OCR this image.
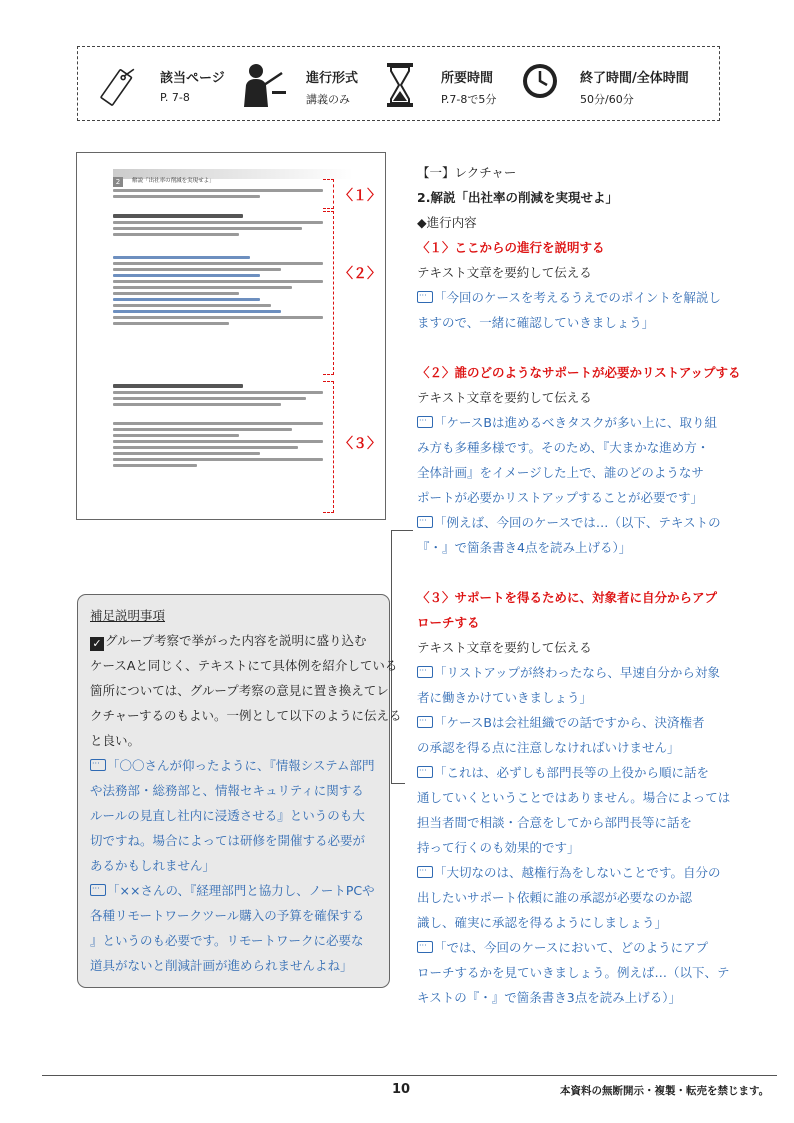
該当ページ
P. 7-8
進行形式
講義のみ
所要時間
P.7-8で5分
終了時間/全体時間
50分/60分
2 解説「出社率の削減を実現せよ」
〈１〉
〈２〉
〈３〉
補足説明事項
✓ グループ考察で挙がった内容を説明に盛り込む
ケースAと同じく、テキストにて具体例を紹介している
箇所については、グループ考察の意見に置き換えてレ
クチャーするのもよい。一例として以下のように伝える
と良い。
···「〇〇さんが仰ったように、『情報システム部門
や法務部・総務部と、情報セキュリティに関する
ルールの見直し社内に浸透させる』というのも大
切ですね。場合によっては研修を開催する必要が
あるかもしれません」
···「××さんの、『経理部門と協力し、ノートPCや
各種リモートワークツール購入の予算を確保する
』というのも必要です。リモートワークに必要な
道具がないと削減計画が進められませんよね」
【一】レクチャー
2.解説「出社率の削減を実現せよ」
◆進行内容
〈１〉ここからの進行を説明する
テキスト文章を要約して伝える
···「今回のケースを考えるうえでのポイントを解説し
ますので、一緒に確認していきましょう」
〈２〉誰のどのようなサポートが必要かリストアップする
テキスト文章を要約して伝える
···「ケースBは進めるべきタスクが多い上に、取り組
み方も多種多様です。そのため、『大まかな進め方・
全体計画』をイメージした上で、誰のどのようなサ
ポートが必要かリストアップすることが必要です」
···「例えば、今回のケースでは…（以下、テキストの
『・』で箇条書き4点を読み上げる）」
〈３〉サポートを得るために、対象者に自分からアプ
ローチする
テキスト文章を要約して伝える
···「リストアップが終わったなら、早速自分から対象
者に働きかけていきましょう」
···「ケースBは会社組織での話ですから、決済権者
の承認を得る点に注意しなければいけません」
···「これは、必ずしも部門長等の上役から順に話を
通していくということではありません。場合によっては
担当者間で相談・合意をしてから部門長等に話を
持って行くのも効果的です」
···「大切なのは、越権行為をしないことです。自分の
出したいサポート依頼に誰の承認が必要なのか認
識し、確実に承認を得るようにしましょう」
···「では、今回のケースにおいて、どのようにアプ
ローチするかを見ていきましょう。例えば…（以下、テ
キストの『・』で箇条書き3点を読み上げる）」
10	本資料の無断開示・複製・転売を禁じます。
